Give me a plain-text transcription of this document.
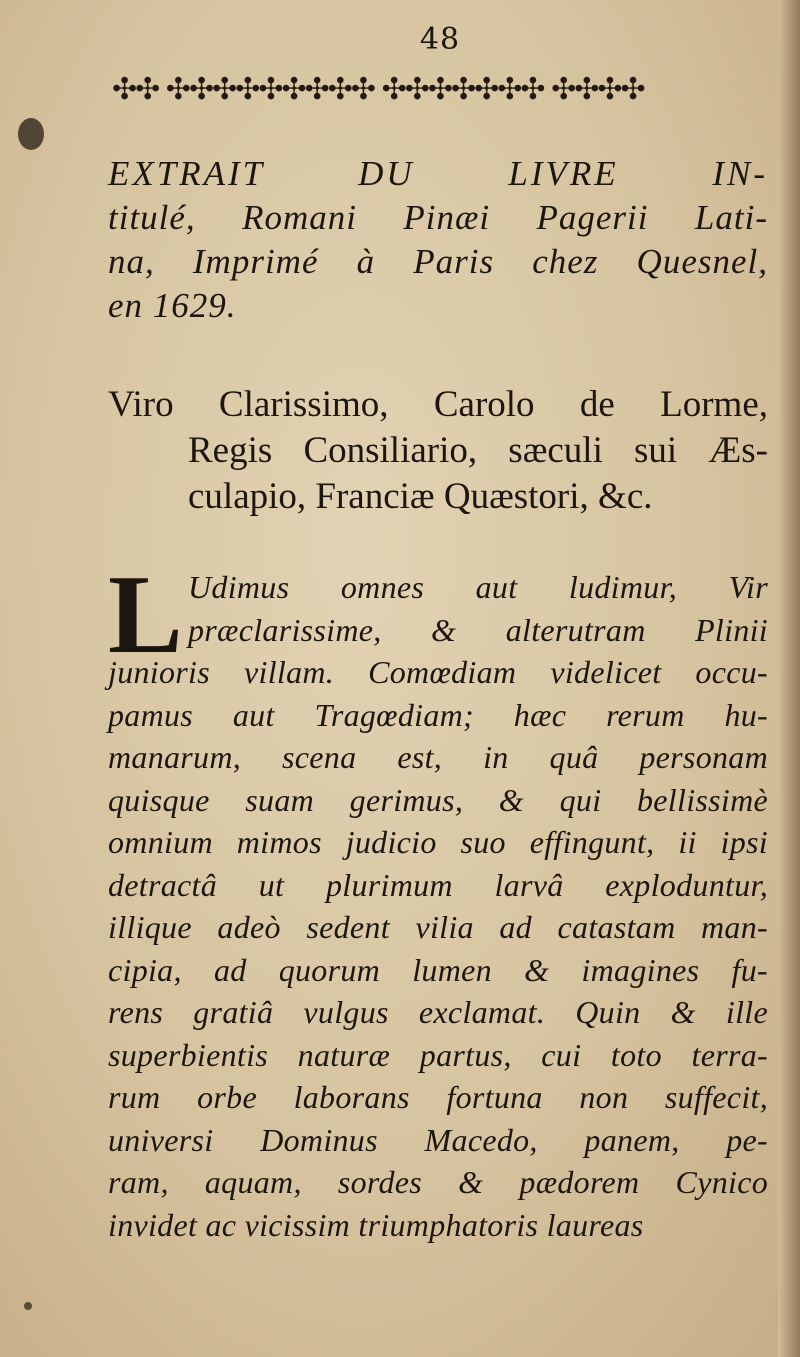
48
✣✣ ✣✣✣✣✣✣✣✣✣ ✣✣✣✣✣✣✣ ✣✣✣✣
EXTRAIT DU LIVRE IN-
titulé, Romani Pinæi Pagerii Lati-
na, Imprimé à Paris chez Quesnel,
en 1629.
Viro Clarissimo, Carolo de Lorme,
Regis Consiliario, sæculi sui Æs-
culapio, Franciæ Quæstori, &c.
L Udimus omnes aut ludimur, Vir
præclarissime, & alterutram Plinii
junioris villam. Comœdiam videlicet occu-
pamus aut Tragœdiam; hæc rerum hu-
manarum, scena est, in quâ personam
quisque suam gerimus, & qui bellissimè
omnium mimos judicio suo effingunt, ii ipsi
detractâ ut plurimum larvâ exploduntur,
illique adeò sedent vilia ad catastam man-
cipia, ad quorum lumen & imagines fu-
rens gratiâ vulgus exclamat. Quin & ille
superbientis naturæ partus, cui toto terra-
rum orbe laborans fortuna non suffecit,
universi Dominus Macedo, panem, pe-
ram, aquam, sordes & pædorem Cynico
invidet ac vicissim triumphatoris laureas
